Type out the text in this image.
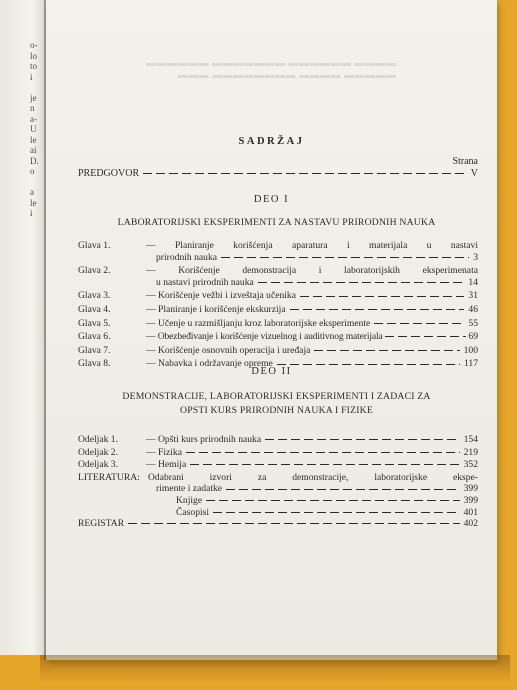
o-
lo
to
i

je
n
a-
U
le
ai
D.
o

a
le
i
▬▬▬▬ ▬▬▬▬▬▬ ▬▬▬▬▬▬▬ ▬▬▬▬▬▬
▬▬▬▬▬ ▬▬▬▬ ▬▬▬▬▬▬▬▬ ▬▬▬
SADRŽAJ
Strana
PREDGOVOR	V
DEO I
LABORATORIJSKI EKSPERIMENTI ZA NASTAVU PRIRODNIH NAUKA
Glava 1.	— Planiranje korišćenja aparatura i materijala u nastavi
prirodnih nauka	3
Glava 2.	— Korišćenje demonstracija i laboratorijskih eksperimenata
u nastavi prirodnih nauka	14
Glava 3.	— Korišćenje vežbi i izveštaja učenika	31
Glava 4.	— Planiranje i korišćenje ekskurzija	46
Glava 5.	— Učenje u razmišljanju kroz laboratorijske eksperimente	55
Glava 6.	— Obezbeđivanje i korišćenje vizuelnog i auditivnog materijala	69
Glava 7.	— Korišćenje osnovnih operacija i uređaja	100
Glava 8.	— Nabavka i održavanje opreme	117
DEO II
DEMONSTRACIJE, LABORATORIJSKI EKSPERIMENTI I ZADACI ZA
OPSTI KURS PRIRODNIH NAUKA I FIZIKE
Odeljak 1.	— Opšti kurs prirodnih nauka	154
Odeljak 2.	— Fizika	219
Odeljak 3.	— Hemija	352
LITERATURA: Odabrani izvori za demonstracije, laboratorijske ekspe-
rimente i zadatke	399
Knjige	399
Časopisi	401
REGISTAR	402
